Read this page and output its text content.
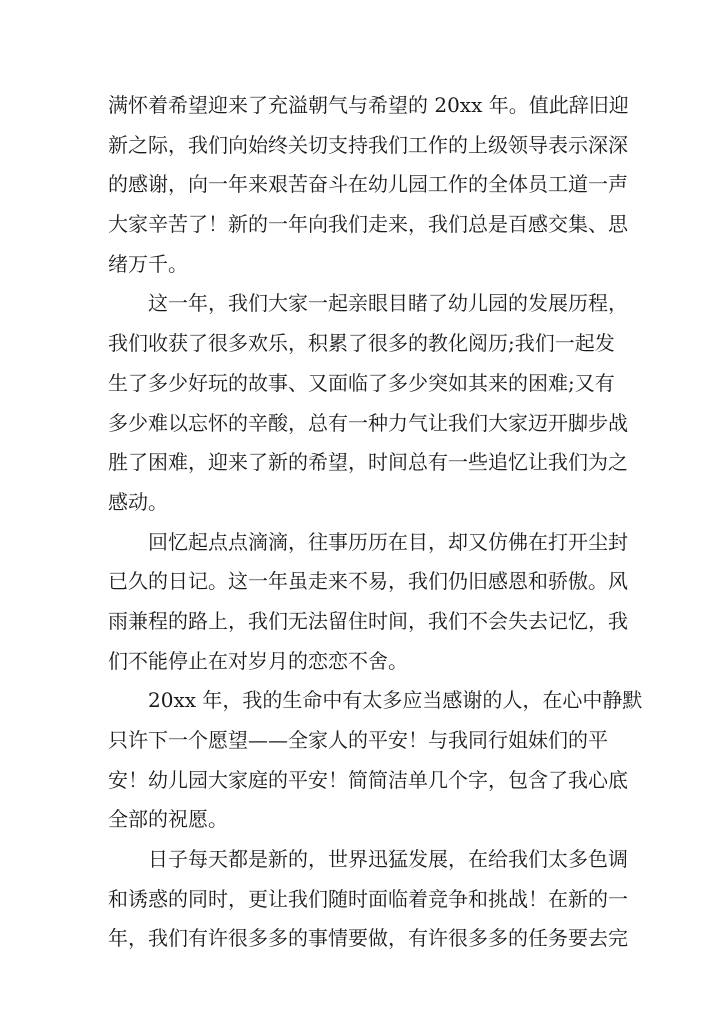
满怀着希望迎来了充溢朝气与希望的 20xx 年。值此辞旧迎
新之际，我们向始终关切支持我们工作的上级领导表示深深
的感谢，向一年来艰苦奋斗在幼儿园工作的全体员工道一声
大家辛苦了！新的一年向我们走来，我们总是百感交集、思
绪万千。
这一年，我们大家一起亲眼目睹了幼儿园的发展历程，
我们收获了很多欢乐，积累了很多的教化阅历;我们一起发
生了多少好玩的故事、又面临了多少突如其来的困难;又有
多少难以忘怀的辛酸，总有一种力气让我们大家迈开脚步战
胜了困难，迎来了新的希望，时间总有一些追忆让我们为之
感动。
回忆起点点滴滴，往事历历在目，却又仿佛在打开尘封
已久的日记。这一年虽走来不易，我们仍旧感恩和骄傲。风
雨兼程的路上，我们无法留住时间，我们不会失去记忆，我
们不能停止在对岁月的恋恋不舍。
20xx 年，我的生命中有太多应当感谢的人，在心中静默
只许下一个愿望——全家人的平安！与我同行姐妹们的平
安！幼儿园大家庭的平安！简简洁单几个字，包含了我心底
全部的祝愿。
日子每天都是新的，世界迅猛发展，在给我们太多色调
和诱惑的同时，更让我们随时面临着竞争和挑战！在新的一
年，我们有许很多多的事情要做，有许很多多的任务要去完
